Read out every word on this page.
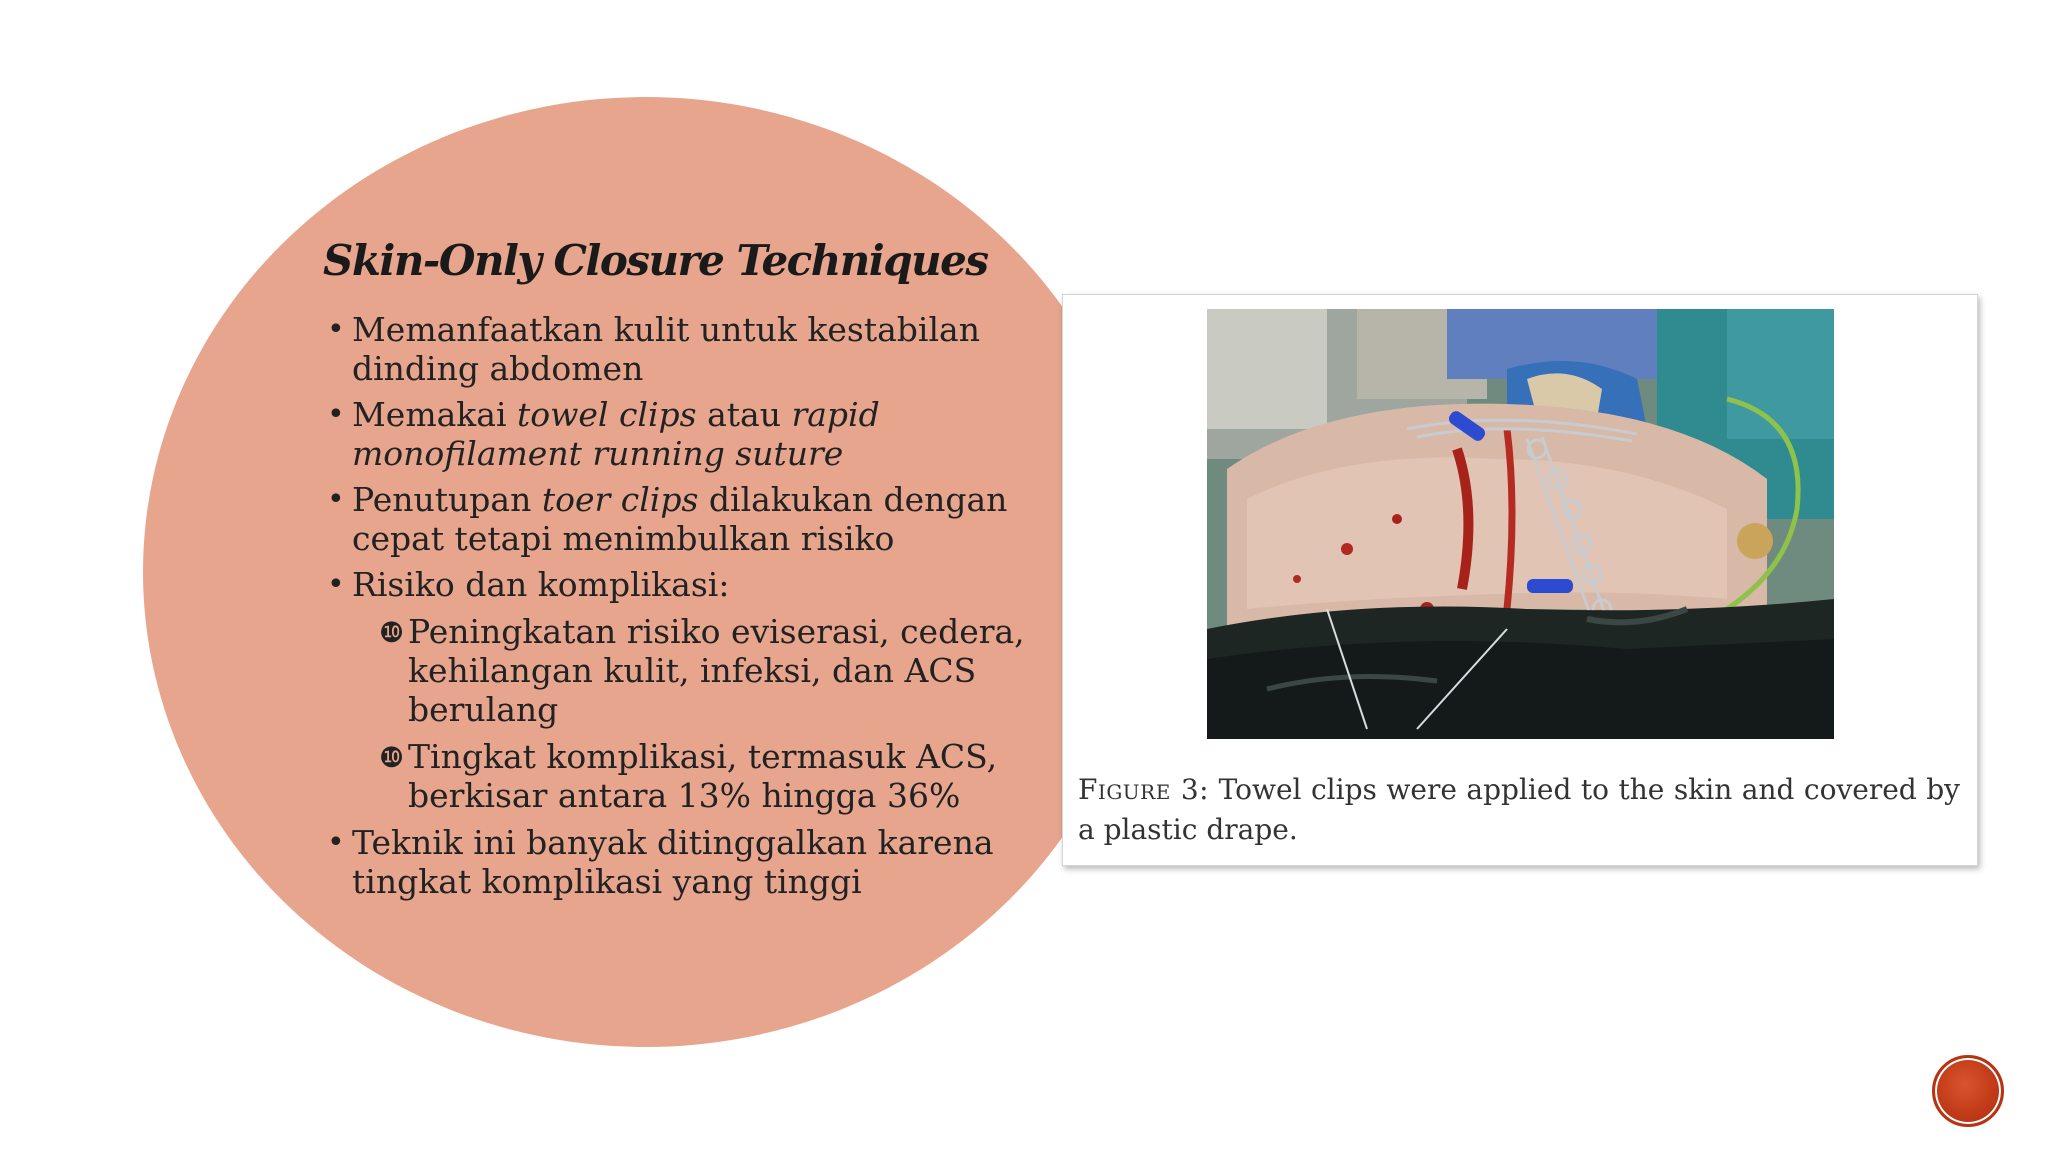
Skin-Only Closure Techniques
• Memanfaatkan kulit untuk kestabilan dinding abdomen
• Memakai towel clips atau rapid monofilament running suture
• Penutupan toer clips dilakukan dengan cepat tetapi menimbulkan risiko
• Risiko dan komplikasi:
❿ Peningkatan risiko eviserasi, cedera, kehilangan kulit, infeksi, dan ACS berulang
❿ Tingkat komplikasi, termasuk ACS, berkisar antara 13% hingga 36%
• Teknik ini banyak ditinggalkan karena tingkat komplikasi yang tinggi

Figure 3: Towel clips were applied to the skin and covered by a plastic drape.
